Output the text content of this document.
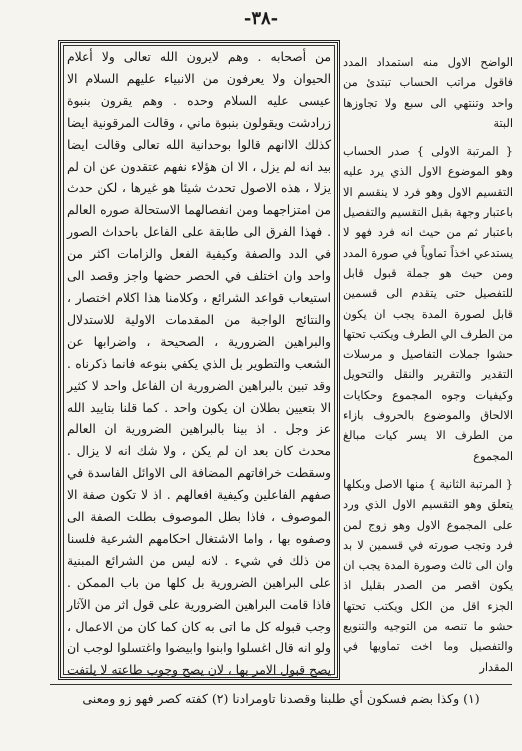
-٣٨-

من أصحابه . وهم لايرون الله تعالى ولا أعلام الحيوان ولا يعرفون من الانبياء عليهم السلام الا عيسى عليه السلام وحده . وهم يقرون بنبوة زرادشت ويقولون بنبوة ماني ، وقالت المرقونية ايضا كذلك الاانهم قالوا بوحدانية الله تعالى وقالت ايضا بيد انه لم يزل ، الا ان هؤلاء نفهم عتقدون عن ان لم يزلا ، هذه الاصول تحدث شيئا هو غيرها ، لكن حدث من امتزاجهما ومن انفصالهما الاستحالة صوره العالم . فهذا الفرق الى طابقة على الفاعل باحداث الصور في الدد والصفة وكيفية الفعل والزامات اكثر من واحد وان اختلف في الحصر حضها واجز وقصد الى استيعاب قواعد الشرائع ، وكلامنا هذا اكلام اختصار ، والنتائج الواجبة من المقدمات الاولية للاستدلال والبراهين الضرورية ، الصحيحة ، واضرابها عن الشعب والتطوير بل الذي يكفي بنوعه فانما ذكرناه . وقد تبين بالبراهين الضرورية ان الفاعل واحد لا كثير الا بتعيين بطلان ان يكون واحد . كما قلنا بتاييد الله عز وجل . اذ بينا بالبراهين الضرورية ان العالم محدث كان بعد ان لم يكن ، ولا شك انه لا يزال . وسقطت خرافاتهم المضافة الى الاوائل الفاسدة في صفهم الفاعلين وكيفية افعالهم . اذ لا تكون صفة الا الموصوف ، فاذا بطل الموصوف بطلت الصفة الى وصفوه بها ، واما الاشتغال احكامهم الشرعية فلسنا من ذلك في شيء . لانه ليس من الشرائع المبنية على البراهين الضرورية بل كلها من باب الممكن . فاذا قامت البراهين الضرورية على قول اثر من الآثار وجب قبوله كل ما اتى به كان كما كان من الاعمال ، ولو انه قال اغسلوا وابنوا وابيضوا واغتسلوا لوجب ان يصح قبول الامر بها ، لان يصح وجوب طاعته لا يلتفت

الواضح الاول منه استمداد المدد فاقول مراتب الحساب تبتدئ من واحد وتنتهي الى سبع ولا تجاوزها البتة

{ المرتبة الاولى } صدر الحساب وهو الموضوع الاول الذي يرد عليه التقسيم الاول وهو فرد لا ينقسم الا باعتبار وجهة بقبل التقسيم والتفصيل باعتبار ثم من حيث انه فرد فهو لا يستدعي اخذاً تماوياً في صورة المدد ومن حيث هو جملة قبول قابل للتفصيل حتى يتقدم الى قسمين قابل لصورة المدة يجب ان يكون من الطرف الي الطرف ويكتب تحتها حشوا جملات التفاصيل و مرسلات التقدير والتقرير والنقل والتحويل وكيفيات وجوه المجموع وحكايات الالحاق والموضوع بالحروف بازاء من الطرف الا يسر كيات مبالغ المجموع

{ المرتبة الثانية } منها الاصل وبكلها يتعلق وهو التقسيم الاول الذي ورد على المجموع الاول وهو زوج لمن فرد وتجب صورته في قسمين لا بد وان الى ثالث وصورة المدة يجب ان يكون اقصر من الصدر بقليل اذ الجزء اقل من الكل ويكتب تحتها حشو ما تنصه من التوجيه والتنويع والتفصيل وما اخت تماويها في المقدار

(١) وكذا بضم فسكون أي طلبنا وقصدنا تاومرادنا (٢) كفته كصر فهو زو ومعنى
